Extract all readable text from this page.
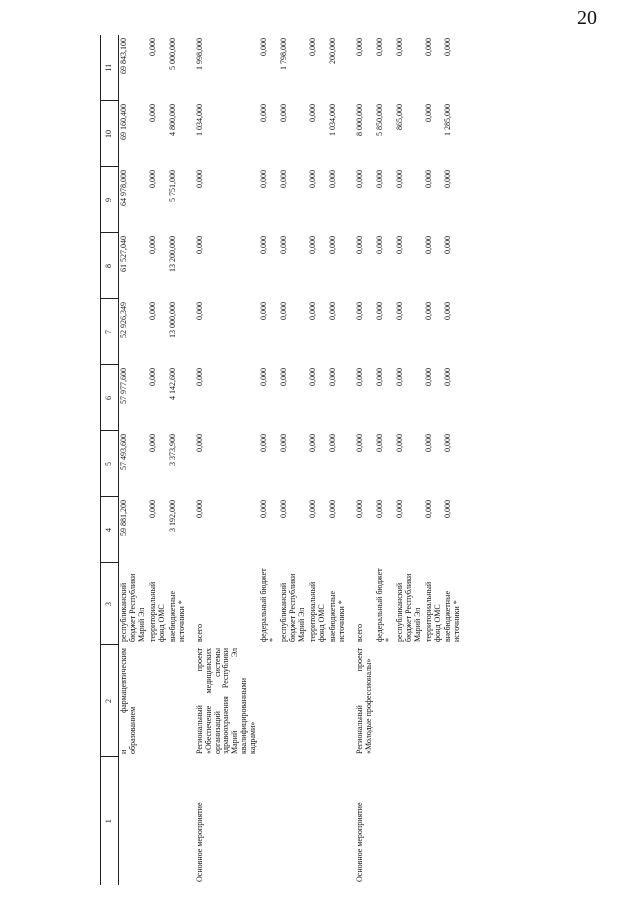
20
1	2	3	4	5	6	7	8	9	10	11
	и фармацевтическим образованием	республиканский бюджет Республики Марий Эл	59 881,200	57 493,600	57 977,600	52 926,349	61 527,040	64 978,000	69 160,400	69 843,100
		территориальный фонд ОМС	0,000	0,000	0,000	0,000	0,000	0,000	0,000	0,000
		внебюджетные источники *	3 192,000	3 373,900	4 142,600	13 000,000	13 200,000	5 751,000	4 800,000	5 000,000
Основное мероприятие	Региональный проект «Обеспечение медицинских организаций системы здравоохранения Республики Марий Эл квалифицированными кадрами»	всего	0,000	0,000	0,000	0,000	0,000	0,000	1 034,000	1 998,000
		федеральный бюджет *	0,000	0,000	0,000	0,000	0,000	0,000	0,000	0,000
		республиканский бюджет Республики Марий Эл	0,000	0,000	0,000	0,000	0,000	0,000	0,000	1 798,000
		территориальный фонд ОМС	0,000	0,000	0,000	0,000	0,000	0,000	0,000	0,000
		внебюджетные источники *	0,000	0,000	0,000	0,000	0,000	0,000	1 034,000	200,000
Основное мероприятие	Региональный проект «Молодые профессионалы»	всего	0,000	0,000	0,000	0,000	0,000	0,000	8 000,000	0,000
		федеральный бюджет *	0,000	0,000	0,000	0,000	0,000	0,000	5 850,000	0,000
		республиканский бюджет Республики Марий Эл	0,000	0,000	0,000	0,000	0,000	0,000	865,000	0,000
		территориальный фонд ОМС	0,000	0,000	0,000	0,000	0,000	0,000	0,000	0,000
		внебюджетные источники *	0,000	0,000	0,000	0,000	0,000	0,000	1 285,000	0,000
